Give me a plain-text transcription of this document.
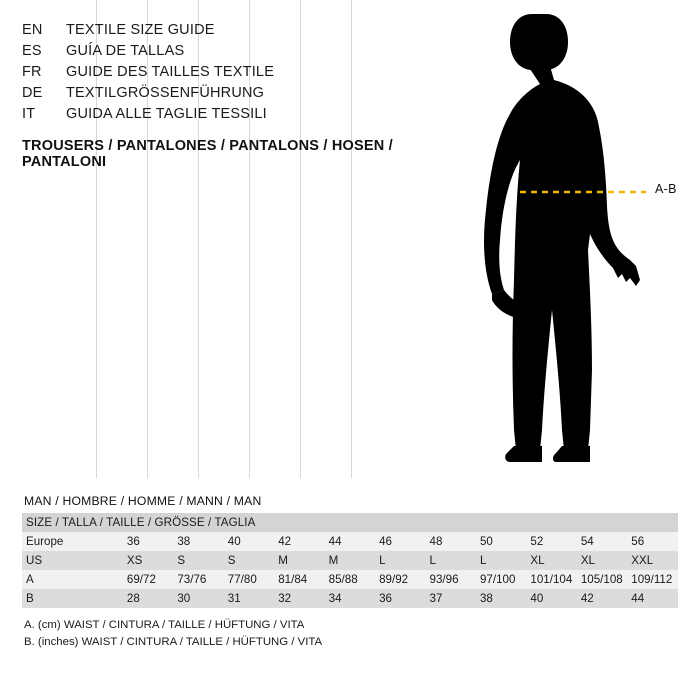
A-B
EN	TEXTILE SIZE GUIDE
ES	GUÍA DE TALLAS
FR	GUIDE DES TAILLES TEXTILE
DE	TEXTILGRÖSSENFÜHRUNG
IT	GUIDA ALLE TAGLIE TESSILI
TROUSERS / PANTALONES / PANTALONS / HOSEN / PANTALONI
MAN / HOMBRE / HOMME / MANN / MAN
SIZE / TALLA / TAILLE / GRÖSSE / TAGLIA											
Europe	36	38	40	42	44	46	48	50	52	54	56
US	XS	S	S	M	M	L	L	L	XL	XL	XXL
A	69/72	73/76	77/80	81/84	85/88	89/92	93/96	97/100	101/104	105/108	109/112
B	28	30	31	32	34	36	37	38	40	42	44
A. (cm) WAIST / CINTURA / TAILLE / HÜFTUNG / VITA
B. (inches) WAIST / CINTURA / TAILLE / HÜFTUNG / VITA
